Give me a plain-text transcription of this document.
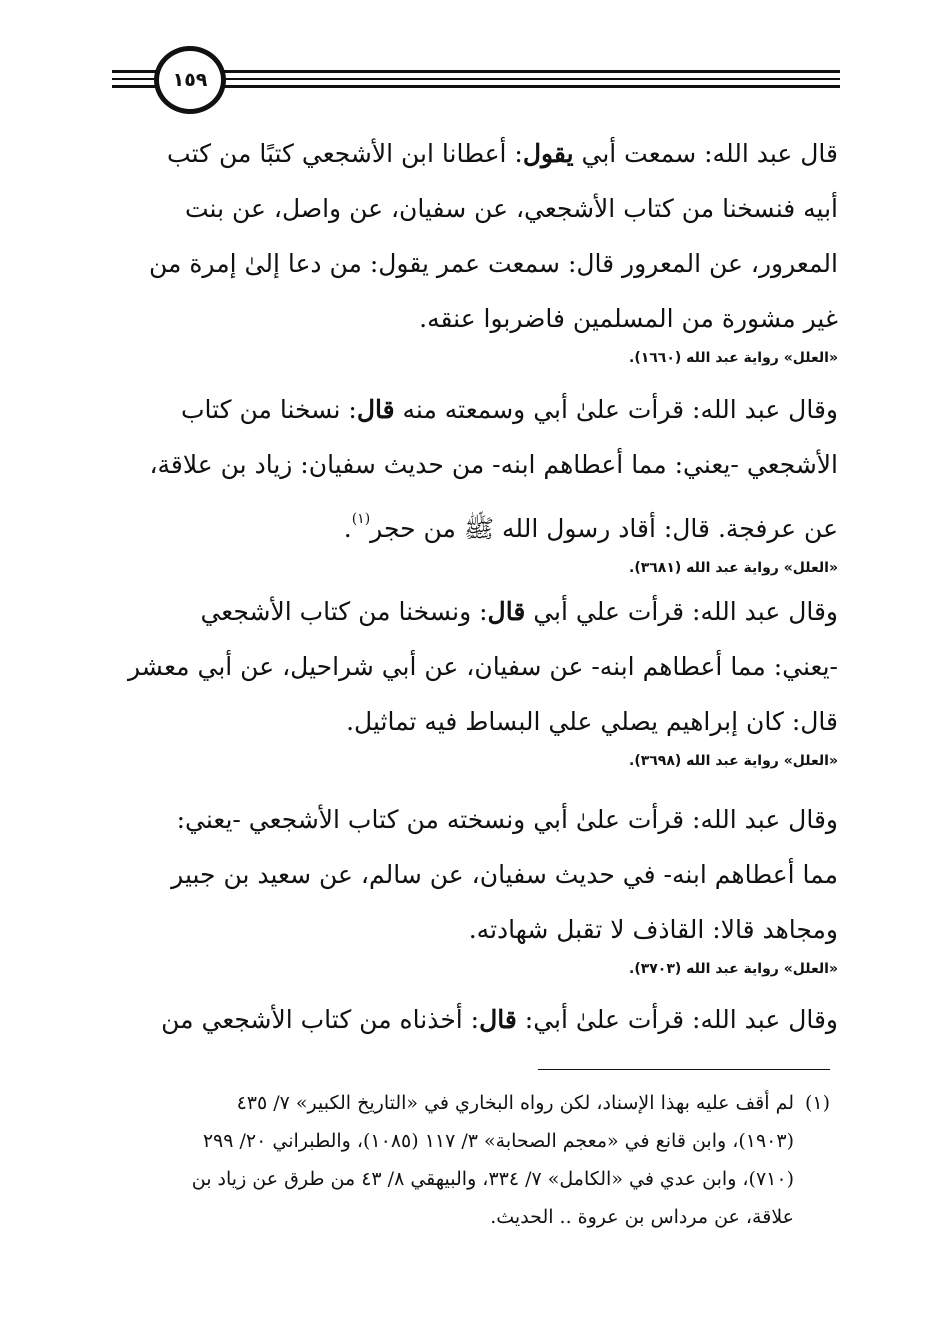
١٥٩

قال عبد الله: سمعت أبي يقول: أعطانا ابن الأشجعي كتبًا من كتب

أبيه فنسخنا من كتاب الأشجعي، عن سفيان، عن واصل، عن بنت

المعرور، عن المعرور قال: سمعت عمر يقول: من دعا إلىٰ إمرة من

غير مشورة من المسلمين فاضربوا عنقه.

«العلل» رواية عبد الله (١٦٦٠).

وقال عبد الله: قرأت علىٰ أبي وسمعته منه قال: نسخنا من كتاب

الأشجعي -يعني: مما أعطاهم ابنه- من حديث سفيان: زياد بن علاقة،

عن عرفجة. قال: أقاد رسول الله ﷺ من حجر$^{(١)}$.

«العلل» رواية عبد الله (٣٦٨١).

وقال عبد الله: قرأت علي أبي قال: ونسخنا من كتاب الأشجعي

-يعني: مما أعطاهم ابنه- عن سفيان، عن أبي شراحيل، عن أبي معشر

قال: كان إبراهيم يصلي علي البساط فيه تماثيل.

«العلل» رواية عبد الله (٣٦٩٨).

وقال عبد الله: قرأت علىٰ أبي ونسخته من كتاب الأشجعي -يعني:

مما أعطاهم ابنه- في حديث سفيان، عن سالم، عن سعيد بن جبير

ومجاهد قالا: القاذف لا تقبل شهادته.

«العلل» رواية عبد الله (٣٧٠٣).

وقال عبد الله: قرأت علىٰ أبي: قال: أخذناه من كتاب الأشجعي من

(١)لم أقف عليه بهذا الإسناد، لكن رواه البخاري في «التاريخ الكبير» ٧/ ٤٣٥
(١٩٠٣)، وابن قانع في «معجم الصحابة» ٣/ ١١٧ (١٠٨٥)، والطبراني ٢٠/ ٢٩٩
(٧١٠)، وابن عدي في «الكامل» ٧/ ٣٣٤، والبيهقي ٨/ ٤٣ من طرق عن زياد بن
علاقة، عن مرداس بن عروة .. الحديث.
